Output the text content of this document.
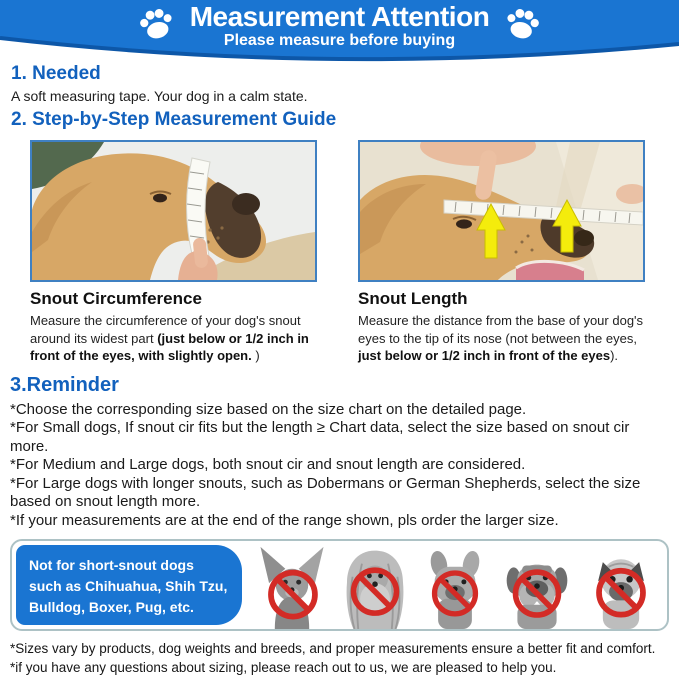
Measurement Attention
Please measure before buying
1. Needed
A soft measuring tape. Your dog in a calm state.
2. Step-by-Step Measurement Guide
Snout Circumference
Measure the circumference of your dog's snout
around its widest part (just below or 1/2 inch in
front of the eyes, with slightly open. )
Snout Length
Measure the distance from the base of your dog's
eyes to the tip of its nose (not between the eyes,
just below or 1/2 inch in front of the eyes).
3.Reminder
*Choose the corresponding size based on the size chart on the detailed page.
*For Small dogs, If snout cir fits but the length ≥ Chart data, select the size based on snout cir
more.
*For Medium and Large dogs, both snout cir and snout length are considered.
*For Large dogs with longer snouts, such as Dobermans or German Shepherds, select the size
based on snout length more.
*If your measurements are at the end of the range shown, pls order the larger size.
Not for short-snout dogs
such as Chihuahua, Shih Tzu,
Bulldog, Boxer, Pug, etc.
*Sizes vary by products, dog weights and breeds, and proper measurements ensure a better fit and comfort.
*if you have any questions about sizing, please reach out to us, we are pleased to help you.
